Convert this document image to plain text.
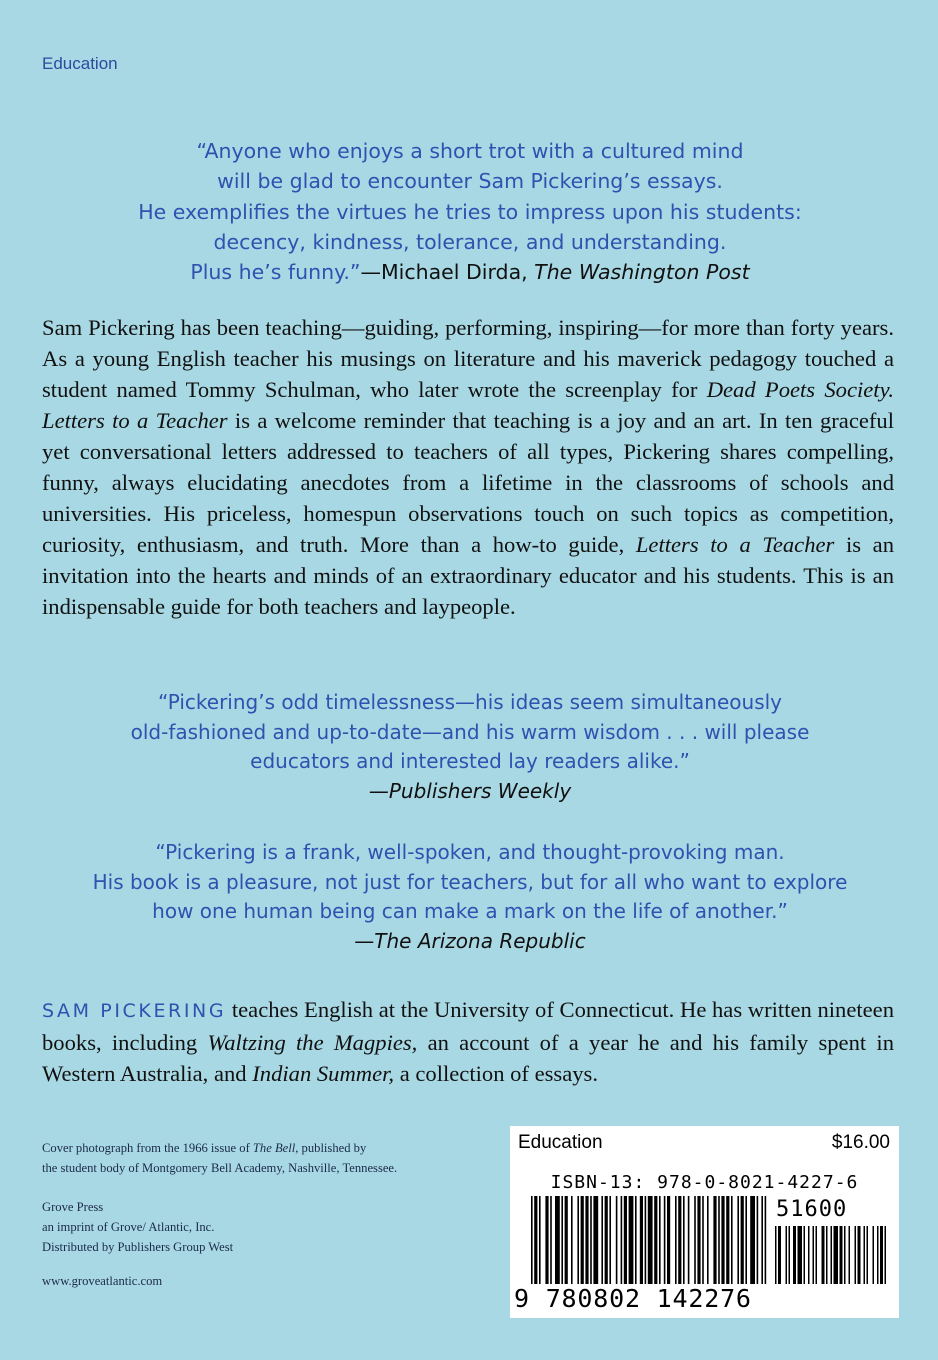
Education
“Anyone who enjoys a short trot with a cultured mind
will be glad to encounter Sam Pickering’s essays.
He exemplifies the virtues he tries to impress upon his students:
decency, kindness, tolerance, and understanding.
Plus he’s funny.”—Michael Dirda, The Washington Post
Sam Pickering has been teaching—guiding, performing, inspiring—for more than forty years. As a young English teacher his musings on literature and his maverick pedagogy touched a student named Tommy Schulman, who later wrote the screenplay for Dead Poets Society. Letters to a Teacher is a welcome reminder that teaching is a joy and an art. In ten graceful yet conversational letters addressed to teachers of all types, Pickering shares compelling, funny, always elucidating anecdotes from a lifetime in the classrooms of schools and universities. His priceless, homespun observations touch on such topics as competition, curiosity, enthusiasm, and truth. More than a how-to guide, Letters to a Teacher is an invitation into the hearts and minds of an extraordinary educator and his students. This is an indispensable guide for both teachers and laypeople.
“Pickering’s odd timelessness—his ideas seem simultaneously
old-fashioned and up-to-date—and his warm wisdom . . . will please
educators and interested lay readers alike.”
—Publishers Weekly
“Pickering is a frank, well-spoken, and thought-provoking man.
His book is a pleasure, not just for teachers, but for all who want to explore
how one human being can make a mark on the life of another.”
—The Arizona Republic
SAM PICKERING teaches English at the University of Connecticut. He has written nineteen books, including Waltzing the Magpies, an account of a year he and his family spent in Western Australia, and Indian Summer, a collection of essays.
Cover photograph from the 1966 issue of The Bell, published by
the student body of Montgomery Bell Academy, Nashville, Tennessee.
Grove Press
an imprint of Grove/ Atlantic, Inc.
Distributed by Publishers Group West
www.groveatlantic.com
Education	$16.00
ISBN-13: 978-0-8021-4227-6
51600
9 780802 142276
